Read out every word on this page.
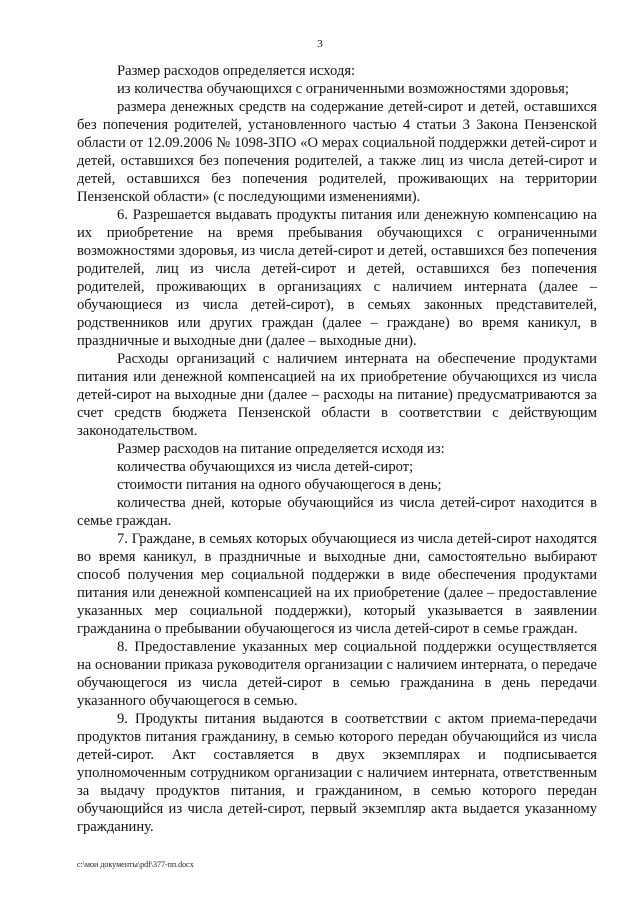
3

Размер расходов определяется исходя:

из количества обучающихся с ограниченными возможностями здоровья;

размера денежных средств на содержание детей-сирот и детей, оставшихся без попечения родителей, установленного частью 4 статьи 3 Закона Пензенской области от 12.09.2006 № 1098-ЗПО «О мерах социальной поддержки детей-сирот и детей, оставшихся без попечения родителей, а также лиц из числа детей-сирот и детей, оставшихся без попечения родителей, проживающих на территории Пензенской области» (с последующими изменениями).

6. Разрешается выдавать продукты питания или денежную компенсацию на их приобретение на время пребывания обучающихся с ограниченными возможностями здоровья, из числа детей-сирот и детей, оставшихся без попечения родителей, лиц из числа детей-сирот и детей, оставшихся без попечения родителей, проживающих в организациях с наличием интерната (далее – обучающиеся из числа детей-сирот), в семьях законных представителей, родственников или других граждан (далее – граждане) во время каникул, в праздничные и выходные дни (далее – выходные дни).

Расходы организаций с наличием интерната на обеспечение продуктами питания или денежной компенсацией на их приобретение обучающихся из числа детей-сирот на выходные дни (далее – расходы на питание) предусматриваются за счет средств бюджета Пензенской области в соответствии с действующим законодательством.

Размер расходов на питание определяется исходя из:

количества обучающихся из числа детей-сирот;

стоимости питания на одного обучающегося в день;

количества дней, которые обучающийся из числа детей-сирот находится в семье граждан.

7. Граждане, в семьях которых обучающиеся из числа детей-сирот находятся во время каникул, в праздничные и выходные дни, самостоятельно выбирают способ получения мер социальной поддержки в виде обеспечения продуктами питания или денежной компенсацией на их приобретение (далее – предоставление указанных мер социальной поддержки), который указывается в заявлении гражданина о пребывании обучающегося из числа детей-сирот в семье граждан.

8. Предоставление указанных мер социальной поддержки осуществляется на основании приказа руководителя организации с наличием интерната, о передаче обучающегося из числа детей-сирот в семью гражданина в день передачи указанного обучающегося в семью.

9. Продукты питания выдаются в соответствии с актом приема-передачи продуктов питания гражданину, в семью которого передан обучающийся из числа детей-сирот. Акт составляется в двух экземплярах и подписывается уполномоченным сотрудником организации с наличием интерната, ответственным за выдачу продуктов питания, и гражданином, в семью которого передан обучающийся из числа детей-сирот, первый экземпляр акта выдается указанному гражданину.

c:\мои документы\pdf\377-пп.docx
